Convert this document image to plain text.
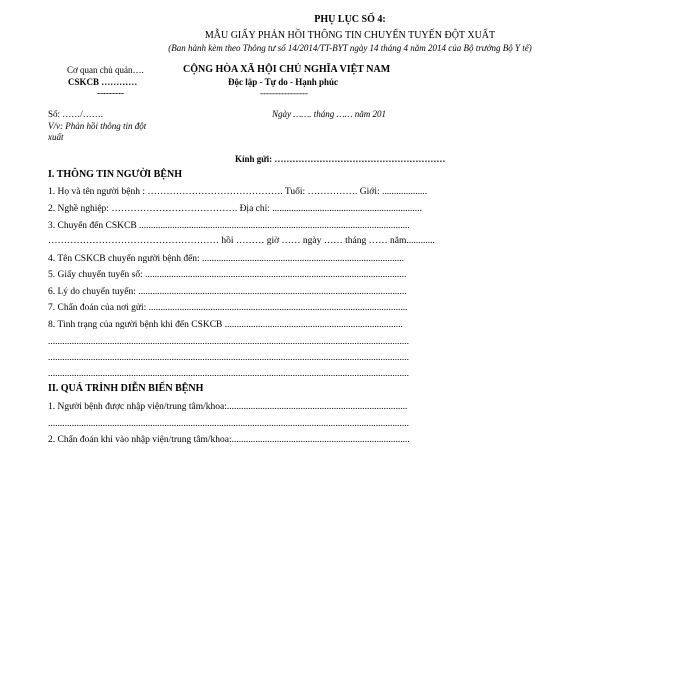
PHỤ LỤC SỐ 4:
MẪU GIẤY PHẢN HỒI THÔNG TIN CHUYỂN TUYẾN ĐỘT XUẤT
(Ban hành kèm theo Thông tư số 14/2014/TT-BYT ngày 14 tháng 4 năm 2014 của Bộ trưởng Bộ Y tế)
Cơ quan chủ quản….
CSKCB …………
---------
CỘNG HÒA XÃ HỘI CHỦ NGHĨA VIỆT NAM
Độc lập - Tự do - Hạnh phúc
----------------
Số: ……/…….
V/v: Phản hồi thông tin đột
xuất
Ngày ……. tháng …… năm 201
Kính gửi: …………………………………………………
I. THÔNG TIN NGƯỜI BỆNH
1. Họ và tên người bệnh : ……………………………………. Tuổi: ……………. Giới: ...................
2. Nghề nghiệp: …………………………………. Địa chỉ: ...............................................................
3. Chuyển đến CSKCB ..................................................................................................................
……………………………………………… hồi ……… giờ …… ngày …… tháng …… năm............
4. Tên CSKCB chuyển người bệnh đến: .....................................................................................
5. Giấy chuyển tuyến số: ..............................................................................................................
6. Lý do chuyển tuyến: .................................................................................................................
7. Chẩn đoán của nơi gửi: .............................................................................................................
8. Tình trạng của người bệnh khi đến CSKCB ...........................................................................
........................................................................................................................................................
........................................................................................................................................................
........................................................................................................................................................
II. QUÁ TRÌNH DIỄN BIẾN BỆNH
1. Người bệnh được nhập viện/trung tâm/khoa:............................................................................
........................................................................................................................................................
2. Chẩn đoán khi vào nhập viện/trung tâm/khoa:...........................................................................
